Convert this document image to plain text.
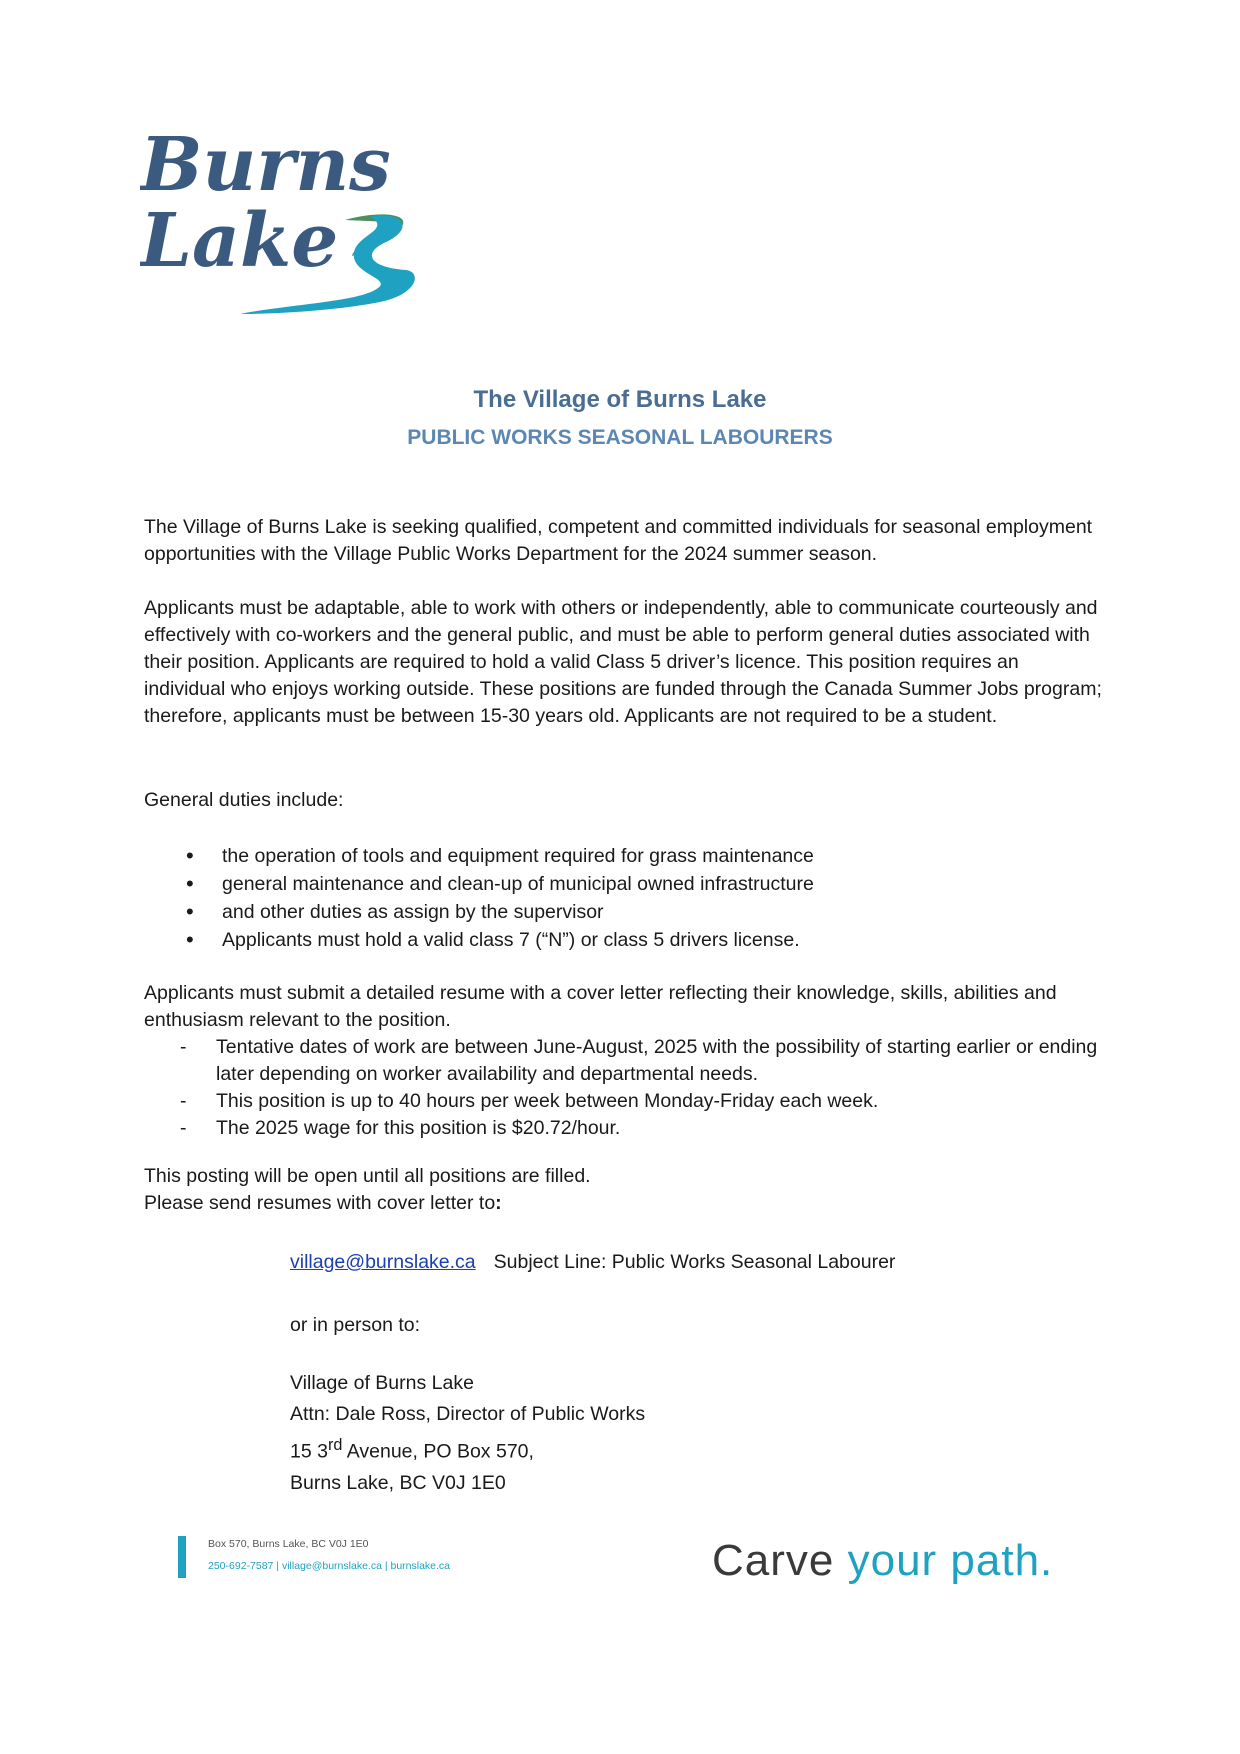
Burns
Lake
The Village of Burns Lake
PUBLIC WORKS SEASONAL LABOURERS
The Village of Burns Lake is seeking qualified, competent and committed individuals for seasonal employment opportunities with the Village Public Works Department for the 2024 summer season.
Applicants must be adaptable, able to work with others or independently, able to communicate courteously and effectively with co-workers and the general public, and must be able to perform general duties associated with their position. Applicants are required to hold a valid Class 5 driver’s licence. This position requires an individual who enjoys working outside. These positions are funded through the Canada Summer Jobs program; therefore, applicants must be between 15-30 years old. Applicants are not required to be a student.
General duties include:
• the operation of tools and equipment required for grass maintenance
• general maintenance and clean-up of municipal owned infrastructure
• and other duties as assign by the supervisor
• Applicants must hold a valid class 7 (“N”) or class 5 drivers license.
Applicants must submit a detailed resume with a cover letter reflecting their knowledge, skills, abilities and enthusiasm relevant to the position.
- Tentative dates of work are between June-August, 2025 with the possibility of starting earlier or ending later depending on worker availability and departmental needs.
- This position is up to 40 hours per week between Monday-Friday each week.
- The 2025 wage for this position is $20.72/hour.
This posting will be open until all positions are filled.
Please send resumes with cover letter to:
village@burnslake.ca Subject Line: Public Works Seasonal Labourer
or in person to:
Village of Burns Lake
Attn: Dale Ross, Director of Public Works
15 3rd Avenue, PO Box 570,
Burns Lake, BC V0J 1E0
Box 570, Burns Lake, BC V0J 1E0
250-692-7587 | village@burnslake.ca | burnslake.ca	Carve your path.
